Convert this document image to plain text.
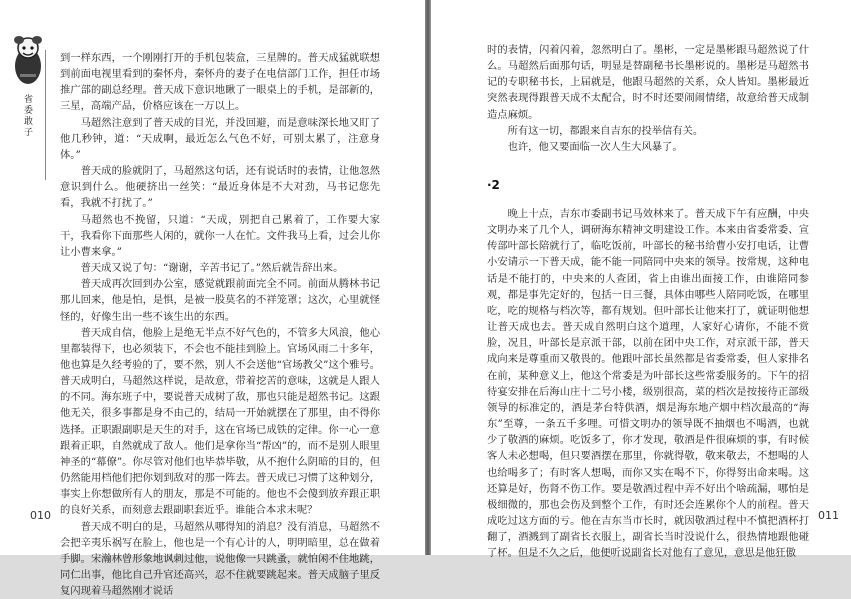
省委敢子

到一样东西，一个刚刚打开的手机包装盒，三星牌的。普天成猛就联想到前面电视里看到的秦怀舟，秦怀舟的妻子在电信部门工作，担任市场推广部的副总经理。普天成下意识地瞅了一眼桌上的手机，是部新的，三星，高端产品，价格应该在一万以上。

马超然注意到了普天成的目光，并没回避，而是意味深长地又盯了他几秒钟，道：“天成啊，最近怎么气色不好，可别太累了，注意身体。”

普天成的脸就阴了，马超然这句话，还有说话时的表情，让他忽然意识到什么。他硬挤出一丝笑：“最近身体是不大对劲，马书记您先看，我就不打扰了。”

马超然也不挽留，只道：“天成，别把自己累着了，工作要大家干，我看你下面那些人闲的，就你一人在忙。文件我马上看，过会儿你让小曹来拿。”

普天成又说了句：“谢谢，辛苦书记了。”然后就告辞出来。

普天成再次回到办公室，感觉就跟前面完全不同。前面从腾林书记那儿回来，他是怕，是惧，是被一股莫名的不祥笼罩；这次，心里就怪怪的，好像生出一些不该生出的东西。

普天成自信，他脸上是绝无半点不好气色的，不管多大风浪，他心里都装得下，也必须装下，不会也不能挂到脸上。官场风雨二十多年，他也算是久经考验的了，要不然，别人不会送他“官场教父”这个雅号。普天成明白，马超然这样说，是故意，带着挖苦的意味，这就是人跟人的不同。海东班子中，要说普天成树了敌，那也只能是超然书记。这跟他无关，很多事都是身不由己的，结局一开始就摆在了那里，由不得你选择。正职跟副职是天生的对手，这在官场已成铁的定律。你一心一意跟着正职，自然就成了敌人。他们是拿你当“帮凶”的，而不是别人眼里神圣的“幕僚”。你尽管对他们也毕恭毕敬，从不抱什么阴暗的目的，但仍然能用档他们把你划到敌对的那一阵去。普天成已习惯了这种划分，事实上你想做所有人的朋友，那是不可能的。他也不会傻到放弃跟正职的良好关系，而刻意去跟副职套近乎。谁能合本求末呢？

普天成不明白的是，马超然从哪得知的消息？没有消息，马超然不会把辛夷乐祸写在脸上，他也是一个有心计的人，明明暗里，总在做着手脚。宋瀚林曾形象地讽刺过他，说他像一只跳蚤，就怕闲不住地跳，同仁出事，他比自己升官还高兴，忍不住就要跳起来。普天成脑子里反复闪现着马超然刚才说话

010

时的表情，闪着闪着，忽然明白了。墨彬，一定是墨彬跟马超然说了什么。马超然后面那句话，明显是替副秘书长墨彬说的。墨彬是马超然书记的专职秘书长，上届就是，他跟马超然的关系，众人皆知。墨彬最近突然表现得跟普天成不太配合，时不时还要闹闹情绪，故意给普天成制造点麻烦。

所有这一切，都跟来自吉东的投举信有关。

也许，他又要面临一次人生大风暴了。

·2

晚上十点，吉东市委副书记马效林来了。普天成下午有应酬，中央文明办来了几个人，调研海东精神文明建设工作。本来由省委常委、宣传部叶部长陪就行了，临吃饭前，叶部长的秘书给曹小安打电话，让曹小安请示一下普天成，能不能一同陪同中央来的领导。按常规，这种电话是不能打的，中央来的人查团，省上由谁出面接工作，由谁陪同参观，都是事先定好的，包括一日三餐，具体由哪些人陪同吃饭，在哪里吃，吃的规格与档次等，都有规划。但叶部长让他来打了，就证明他想让普天成也去。普天成自然明白这个道理，人家好心请你，不能不赏脸，况且，叶部长是京派干部，以前在团中央工作，对京派干部，普天成向来是尊重而又敬畏的。他跟叶部长虽然都是省委常委，但人家排名在前，某种意义上，他这个常委是为叶部长这些常委服务的。下午的招待宴安排在后海山庄十二号小楼，级别很高，菜的档次是按接待正部级领导的标准定的，酒是茅台特供酒，烟是海东地产烟中档次最高的“海东”至尊，一条五千多哩。可惜文明办的领导既不抽烟也不喝酒，也就少了敬酒的麻烦。吃饭多了，你才发现，敬酒是件很麻烦的事，有时候客人未必想喝，但只要酒摆在那里，你就得敬，敬来敬去，不想喝的人也给喝多了；有时客人想喝，而你又实在喝不下，你得努出命来喝。这还算是好，伤肾不伤工作。要是敬酒过程中弄不好出个啥疏漏，哪怕是极细微的，那也会伤及到整个工作，有时还会连累你个人的前程。普天成吃过这方面的亏。他在吉东当市长时，就因敬酒过程中不慎把酒杯打翻了，酒溅到了副省长衣服上，副省长当时没说什么，很热情地跟他碰了杯。但是不久之后，他便听说副省长对他有了意见，意思是他狂傲

011
